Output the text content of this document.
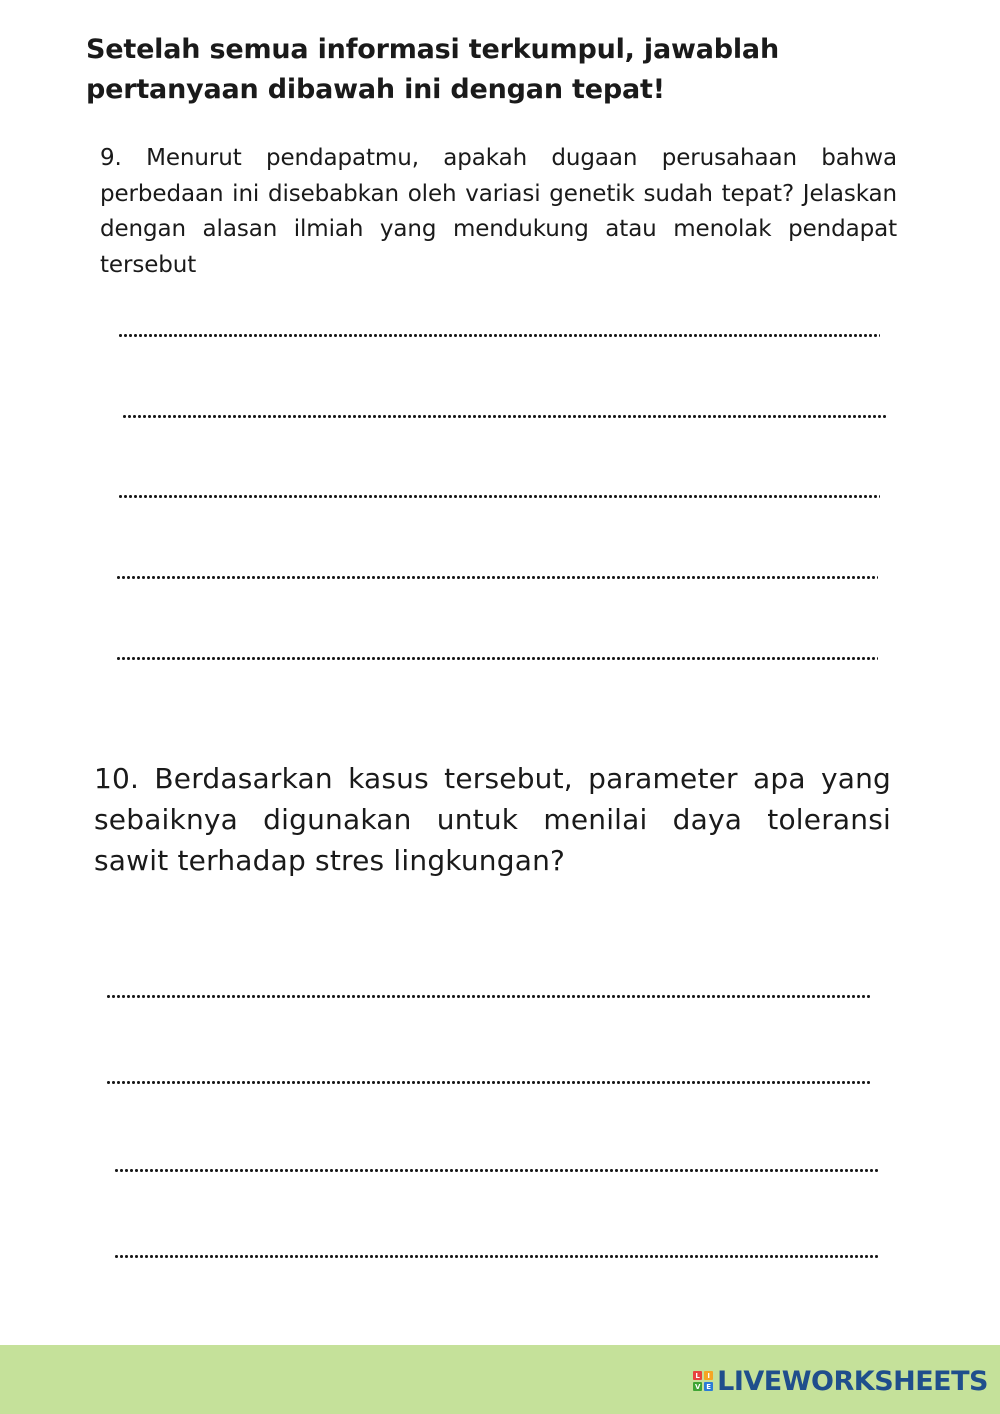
Setelah semua informasi terkumpul, jawablah pertanyaan dibawah ini dengan tepat!

9. Menurut pendapatmu, apakah dugaan perusahaan bahwa perbedaan ini disebabkan oleh variasi genetik sudah tepat? Jelaskan dengan alasan ilmiah yang mendukung atau menolak pendapat tersebut

10. Berdasarkan kasus tersebut, parameter apa yang sebaiknya digunakan untuk menilai daya toleransi sawit terhadap stres lingkungan?

L	I
V E LIVEWORKSHEETS
